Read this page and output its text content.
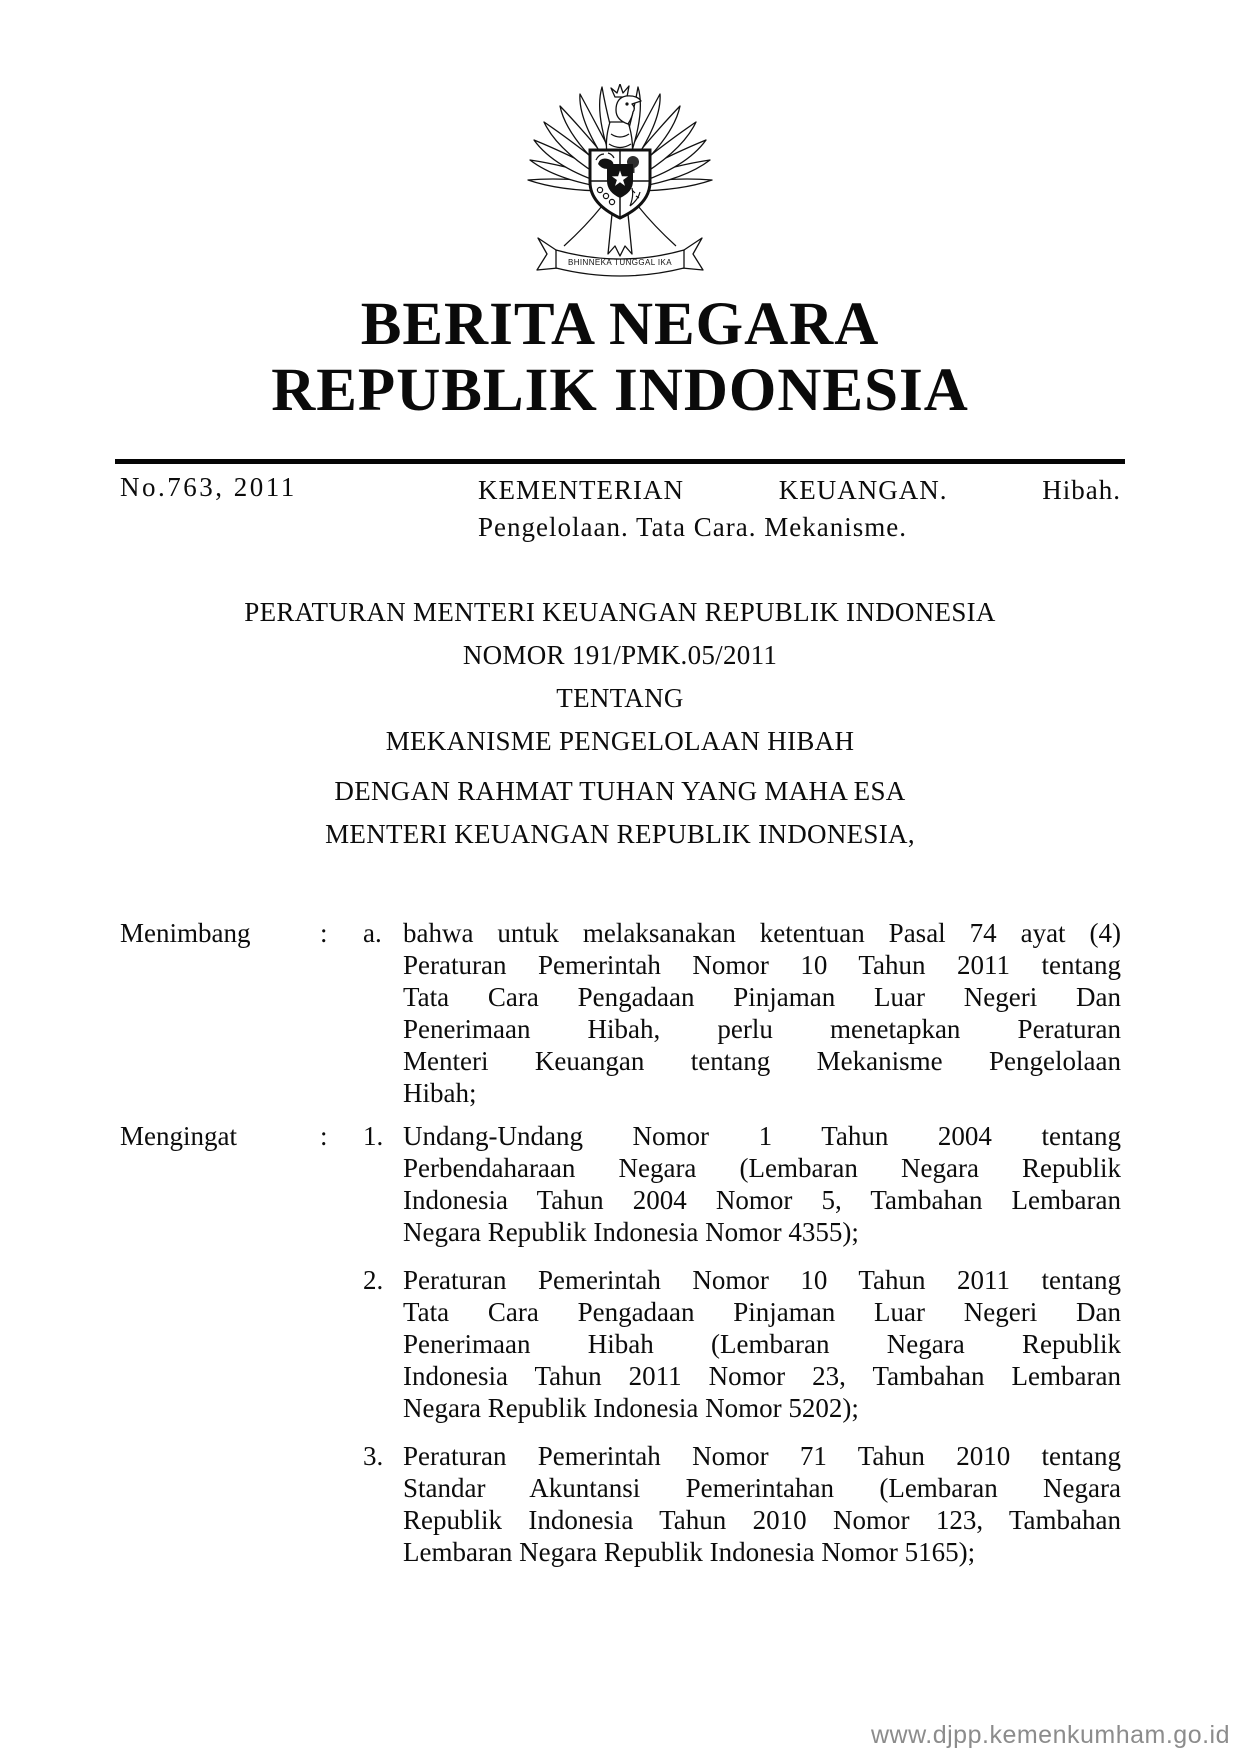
BHINNEKA TUNGGAL IKA
BERITA NEGARA
REPUBLIK INDONESIA
No.763, 2011	KEMENTERIAN KEUANGAN. Hibah.
Pengelolaan. Tata Cara. Mekanisme.
PERATURAN MENTERI KEUANGAN REPUBLIK INDONESIA
NOMOR 191/PMK.05/2011
TENTANG
MEKANISME PENGELOLAAN HIBAH
DENGAN RAHMAT TUHAN YANG MAHA ESA
MENTERI KEUANGAN REPUBLIK INDONESIA,
Menimbang	:	a. bahwa untuk melaksanakan ketentuan Pasal 74 ayat (4)
Peraturan Pemerintah Nomor 10 Tahun 2011 tentang
Tata Cara Pengadaan Pinjaman Luar Negeri Dan
Penerimaan Hibah, perlu menetapkan Peraturan
Menteri Keuangan tentang Mekanisme Pengelolaan
Hibah;
Mengingat	:	1. Undang-Undang Nomor 1 Tahun 2004 tentang
Perbendaharaan Negara (Lembaran Negara Republik
Indonesia Tahun 2004 Nomor 5, Tambahan Lembaran
Negara Republik Indonesia Nomor 4355);
2. Peraturan Pemerintah Nomor 10 Tahun 2011 tentang
Tata Cara Pengadaan Pinjaman Luar Negeri Dan
Penerimaan Hibah (Lembaran Negara Republik
Indonesia Tahun 2011 Nomor 23, Tambahan Lembaran
Negara Republik Indonesia Nomor 5202);
3. Peraturan Pemerintah Nomor 71 Tahun 2010 tentang
Standar Akuntansi Pemerintahan (Lembaran Negara
Republik Indonesia Tahun 2010 Nomor 123, Tambahan
Lembaran Negara Republik Indonesia Nomor 5165);
www.djpp.kemenkumham.go.id
